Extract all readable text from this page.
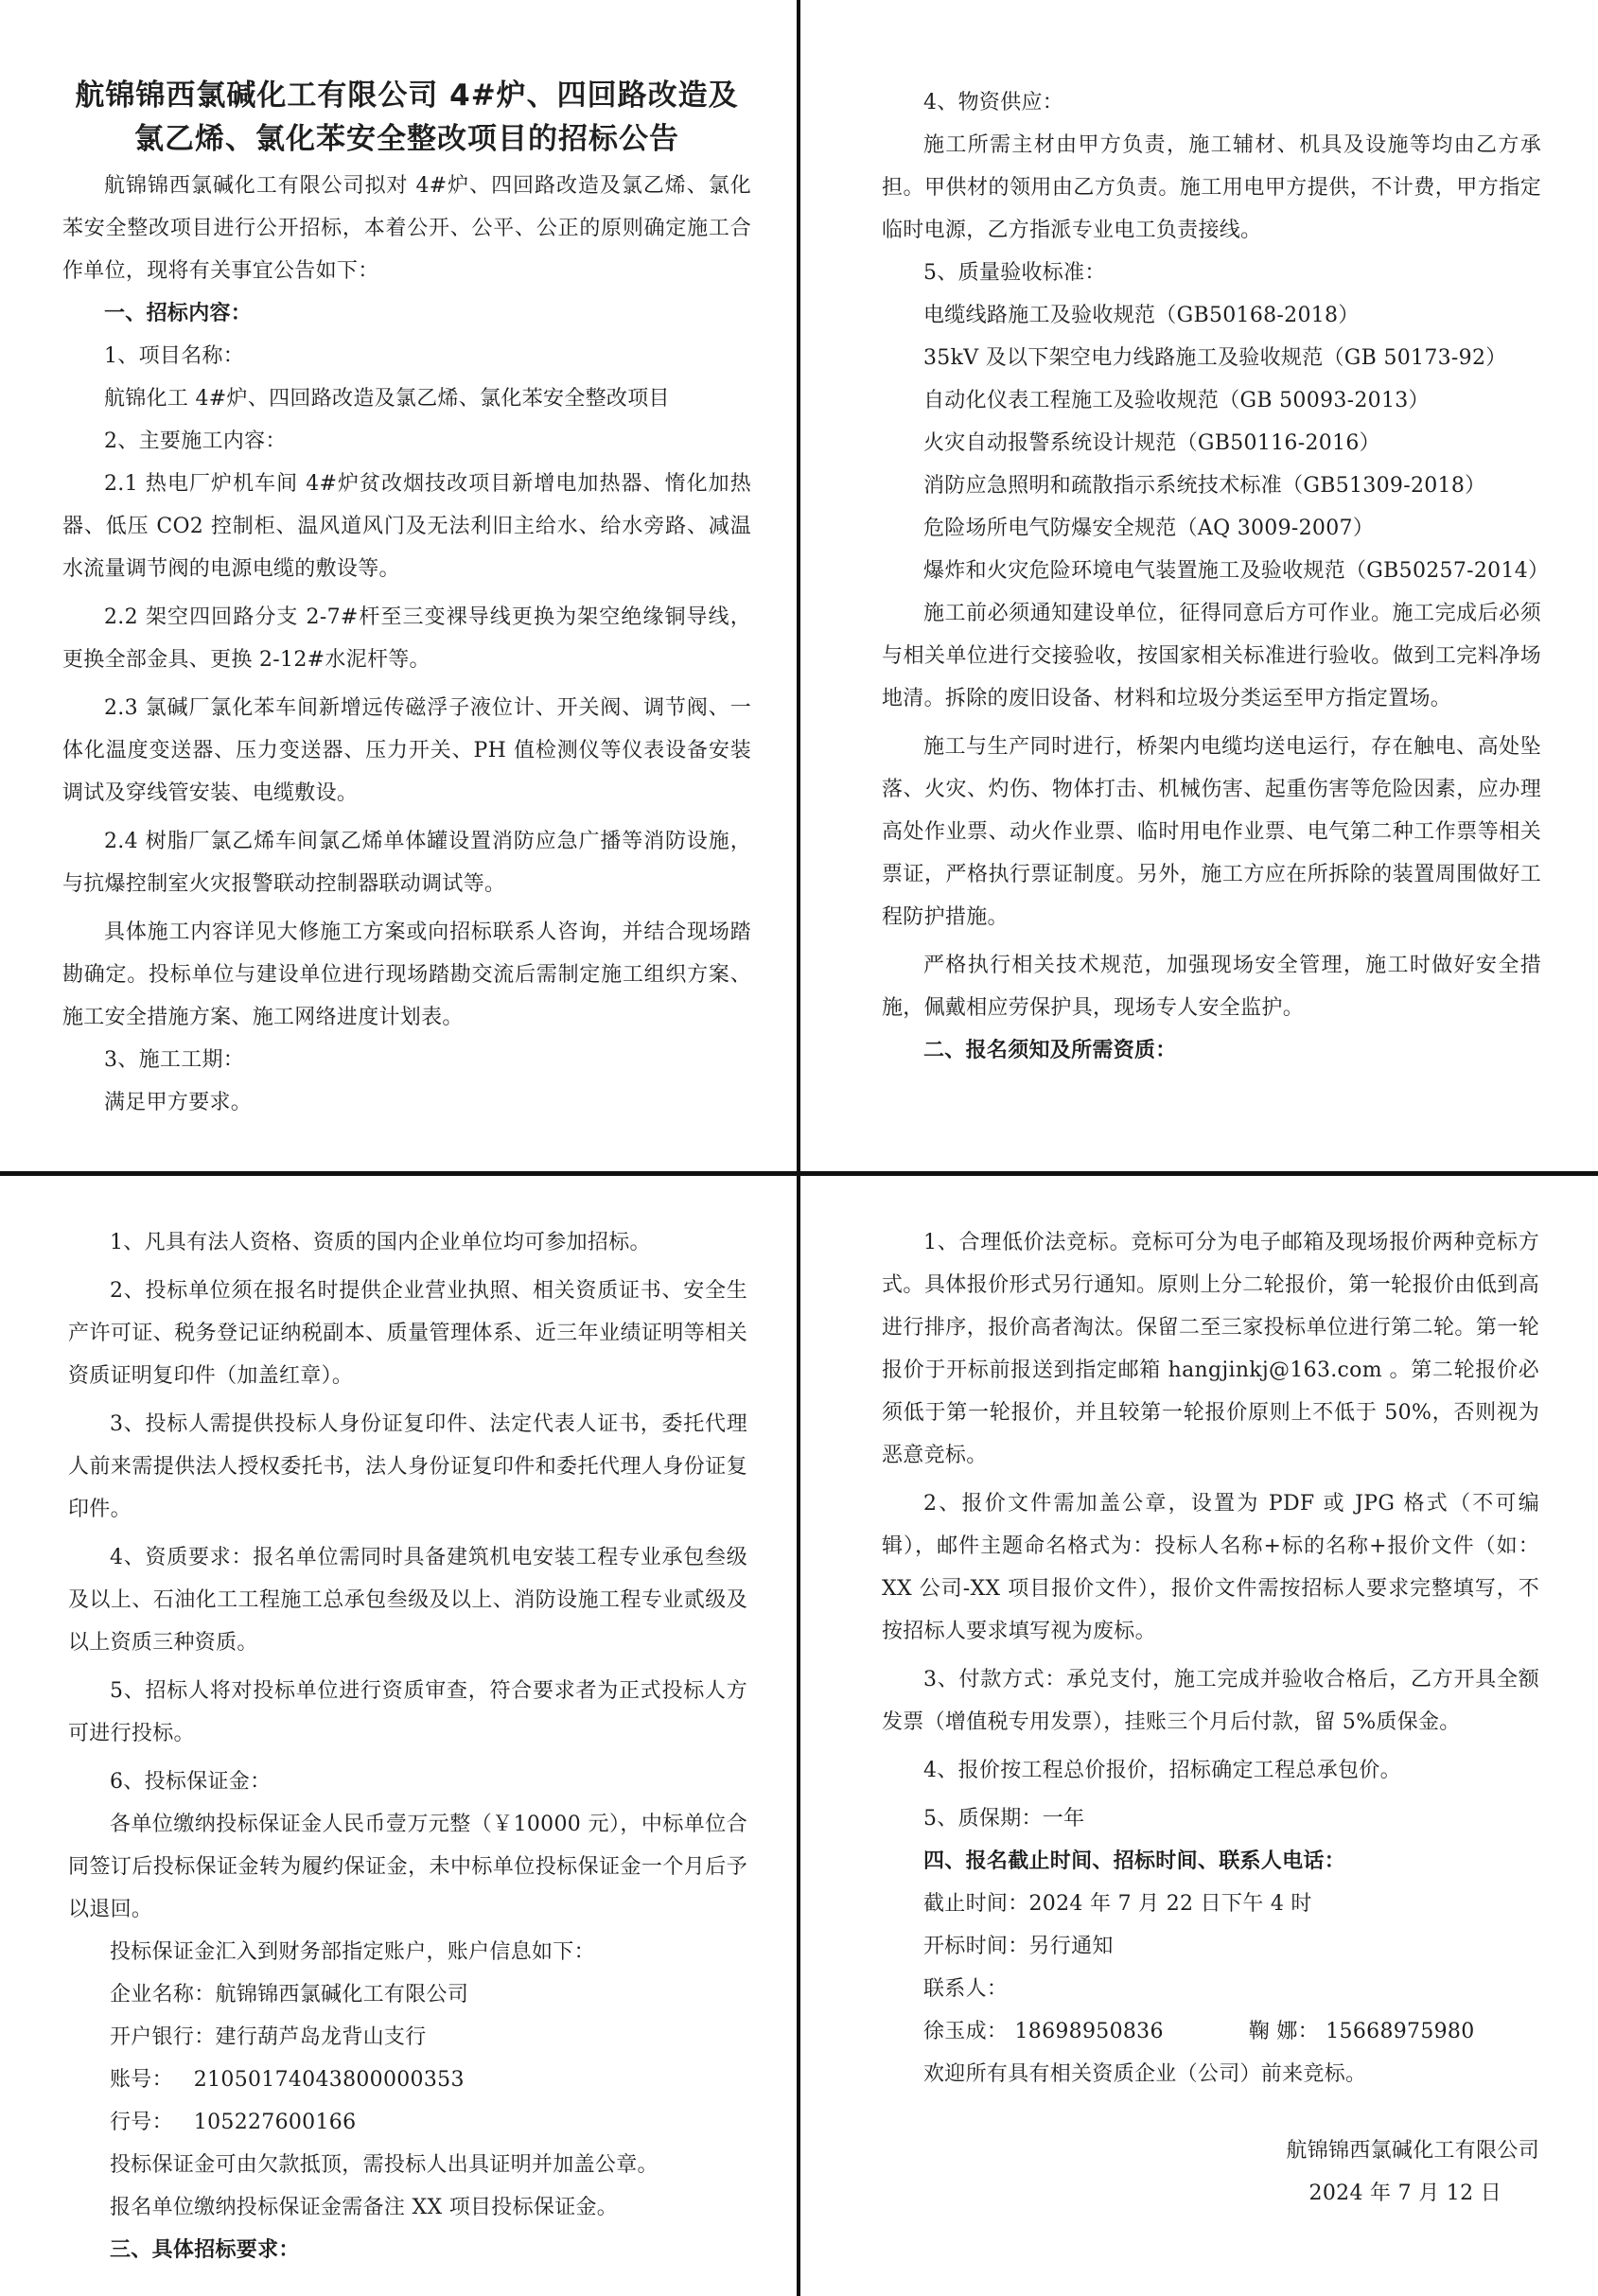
航锦锦西氯碱化工有限公司 4#炉、四回路改造及
氯乙烯、氯化苯安全整改项目的招标公告

航锦锦西氯碱化工有限公司拟对 4#炉、四回路改造及氯乙烯、氯化苯安全整改项目进行公开招标，本着公开、公平、公正的原则确定施工合作单位，现将有关事宜公告如下：

一、招标内容：

1、项目名称：

航锦化工 4#炉、四回路改造及氯乙烯、氯化苯安全整改项目

2、主要施工内容：

2.1 热电厂炉机车间 4#炉贫改烟技改项目新增电加热器、惰化加热器、低压 CO2 控制柜、温风道风门及无法利旧主给水、给水旁路、减温水流量调节阀的电源电缆的敷设等。

2.2 架空四回路分支 2-7#杆至三变裸导线更换为架空绝缘铜导线，更换全部金具、更换 2-12#水泥杆等。

2.3 氯碱厂氯化苯车间新增远传磁浮子液位计、开关阀、调节阀、一体化温度变送器、压力变送器、压力开关、PH 值检测仪等仪表设备安装调试及穿线管安装、电缆敷设。

2.4 树脂厂氯乙烯车间氯乙烯单体罐设置消防应急广播等消防设施，与抗爆控制室火灾报警联动控制器联动调试等。

具体施工内容详见大修施工方案或向招标联系人咨询，并结合现场踏勘确定。投标单位与建设单位进行现场踏勘交流后需制定施工组织方案、施工安全措施方案、施工网络进度计划表。

3、施工工期：

满足甲方要求。

4、物资供应：

施工所需主材由甲方负责，施工辅材、机具及设施等均由乙方承担。甲供材的领用由乙方负责。施工用电甲方提供，不计费，甲方指定临时电源，乙方指派专业电工负责接线。

5、质量验收标准：

电缆线路施工及验收规范（GB50168-2018）

35kV 及以下架空电力线路施工及验收规范（GB 50173-92）

自动化仪表工程施工及验收规范（GB 50093-2013）

火灾自动报警系统设计规范（GB50116-2016）

消防应急照明和疏散指示系统技术标准（GB51309-2018）

危险场所电气防爆安全规范（AQ 3009-2007）

爆炸和火灾危险环境电气装置施工及验收规范（GB50257-2014）

施工前必须通知建设单位，征得同意后方可作业。施工完成后必须与相关单位进行交接验收，按国家相关标准进行验收。做到工完料净场地清。拆除的废旧设备、材料和垃圾分类运至甲方指定置场。

施工与生产同时进行，桥架内电缆均送电运行，存在触电、高处坠落、火灾、灼伤、物体打击、机械伤害、起重伤害等危险因素，应办理高处作业票、动火作业票、临时用电作业票、电气第二种工作票等相关票证，严格执行票证制度。另外，施工方应在所拆除的装置周围做好工程防护措施。

严格执行相关技术规范，加强现场安全管理，施工时做好安全措施，佩戴相应劳保护具，现场专人安全监护。

二、报名须知及所需资质：

1、凡具有法人资格、资质的国内企业单位均可参加招标。

2、投标单位须在报名时提供企业营业执照、相关资质证书、安全生产许可证、税务登记证纳税副本、质量管理体系、近三年业绩证明等相关资质证明复印件（加盖红章）。

3、投标人需提供投标人身份证复印件、法定代表人证书，委托代理人前来需提供法人授权委托书，法人身份证复印件和委托代理人身份证复印件。

4、资质要求：报名单位需同时具备建筑机电安装工程专业承包叁级及以上、石油化工工程施工总承包叁级及以上、消防设施工程专业贰级及以上资质三种资质。

5、招标人将对投标单位进行资质审查，符合要求者为正式投标人方可进行投标。

6、投标保证金：

各单位缴纳投标保证金人民币壹万元整（￥10000 元），中标单位合同签订后投标保证金转为履约保证金，未中标单位投标保证金一个月后予以退回。

投标保证金汇入到财务部指定账户，账户信息如下：

企业名称：航锦锦西氯碱化工有限公司

开户银行：建行葫芦岛龙背山支行

账号： 21050174043800000353

行号： 105227600166

投标保证金可由欠款抵顶，需投标人出具证明并加盖公章。

报名单位缴纳投标保证金需备注 XX 项目投标保证金。

三、具体招标要求：

1、合理低价法竞标。竞标可分为电子邮箱及现场报价两种竞标方式。具体报价形式另行通知。原则上分二轮报价，第一轮报价由低到高进行排序，报价高者淘汰。保留二至三家投标单位进行第二轮。第一轮报价于开标前报送到指定邮箱 hangjinkj@163.com 。第二轮报价必须低于第一轮报价，并且较第一轮报价原则上不低于 50%，否则视为恶意竞标。

2、报价文件需加盖公章，设置为 PDF 或 JPG 格式（不可编辑），邮件主题命名格式为：投标人名称+标的名称+报价文件（如：XX 公司-XX 项目报价文件），报价文件需按招标人要求完整填写，不按招标人要求填写视为废标。

3、付款方式：承兑支付，施工完成并验收合格后，乙方开具全额发票（增值税专用发票），挂账三个月后付款，留 5%质保金。

4、报价按工程总价报价，招标确定工程总承包价。

5、质保期：一年

四、报名截止时间、招标时间、联系人电话：

截止时间：2024 年 7 月 22 日下午 4 时

开标时间：另行通知

联系人：

徐玉成： 18698950836	鞠 娜： 15668975980

欢迎所有具有相关资质企业（公司）前来竞标。

航锦锦西氯碱化工有限公司

2024 年 7 月 12 日
